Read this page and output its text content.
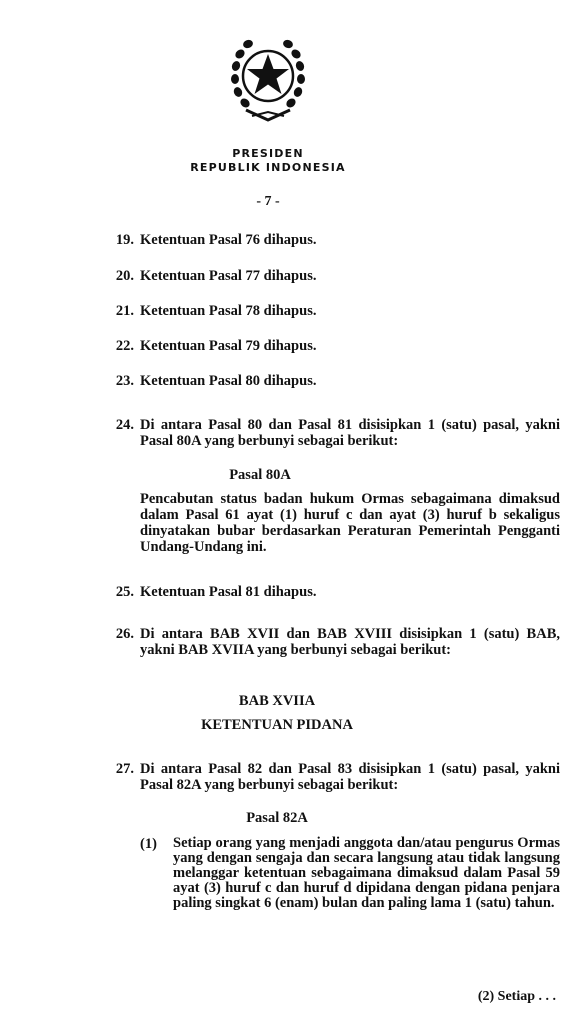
PRESIDEN
REPUBLIK INDONESIA
- 7 -
19. Ketentuan Pasal 76 dihapus.
20. Ketentuan Pasal 77 dihapus.
21. Ketentuan Pasal 78 dihapus.
22. Ketentuan Pasal 79 dihapus.
23. Ketentuan Pasal 80 dihapus.
24. Di antara Pasal 80 dan Pasal 81 disisipkan 1 (satu) pasal, yakni Pasal 80A yang berbunyi sebagai berikut:
Pasal 80A
Pencabutan status badan hukum Ormas sebagaimana dimaksud dalam Pasal 61 ayat (1) huruf c dan ayat (3) huruf b sekaligus dinyatakan bubar berdasarkan Peraturan Pemerintah Pengganti Undang-Undang ini.
25. Ketentuan Pasal 81 dihapus.
26. Di antara BAB XVII dan BAB XVIII disisipkan 1 (satu) BAB, yakni BAB XVIIA yang berbunyi sebagai berikut:
BAB XVIIA
KETENTUAN PIDANA
27. Di antara Pasal 82 dan Pasal 83 disisipkan 1 (satu) pasal, yakni Pasal 82A yang berbunyi sebagai berikut:
Pasal 82A
(1) Setiap orang yang menjadi anggota dan/atau pengurus Ormas yang dengan sengaja dan secara langsung atau tidak langsung melanggar ketentuan sebagaimana dimaksud dalam Pasal 59 ayat (3) huruf c dan huruf d dipidana dengan pidana penjara paling singkat 6 (enam) bulan dan paling lama 1 (satu) tahun.
(2) Setiap . . .
